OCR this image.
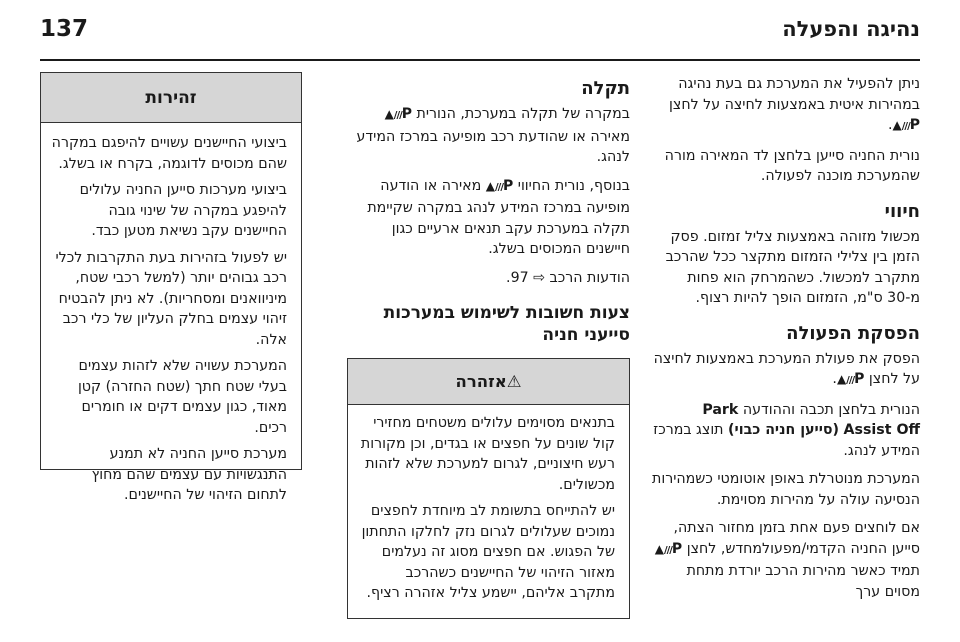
137	נהיגה והפעלה

ניתן להפעיל את המערכת גם בעת נהיגה במהירות איטית באמצעות לחיצה על לחצן ▲///P.

נורית החניה סייען בלחצן לד המאירה מורה שהמערכת מוכנה לפעולה.

חיווי

מכשול מזוהה באמצעות צליל זמזום. פסק הזמן בין צלילי הזמזום מתקצר ככל שהרכב מתקרב למכשול. כשהמרחק הוא פחות מ-30 ס"מ, הזמזום הופך להיות רצוף.

הפסקת הפעולה

הפסק את פעולת המערכת באמצעות לחיצה על לחצן ▲///P.

הנורית בלחצן תכבה וההודעה Park Assist Off (סייען חניה כבוי) תוצג במרכז המידע לנהג.

המערכת מנוטרלת באופן אוטומטי כשמהירות הנסיעה עולה על מהירות מסוימת.

אם לוחצים פעם אחת בזמן מחזור הצתה, סייען החניה הקדמי/מפעולמחדש, לחצן ▲///P תמיד כאשר מהירות הרכב יורדת מתחת מסוים ערך

תקלה

במקרה של תקלה במערכת, הנורית ▲///P מאירה או שהודעת רכב מופיעה במרכז המידע לנהג.

בנוסף, נורית החיווי ▲///P מאירה או הודעה מופיעה במרכז המידע לנהג במקרה שקיימת תקלה במערכת עקב תנאים ארעיים כגון חיישנים המכוסים בשלג.

הודעות הרכב ⇨ 97.

צעות חשובות לשימוש במערכות סייעני חניה
⚠אזהרה

בתנאים מסוימים עלולים משטחים מחזירי קול שונים על חפצים או בגדים, וכן מקורות רעש חיצוניים, לגרום למערכת שלא לזהות מכשולים.

יש להתייחס בתשומת לב מיוחדת לחפצים נמוכים שעלולים לגרום נזק לחלקו התחתון של הפגוש. אם חפצים מסוג זה נעלמים מאזור הזיהוי של החיישנים כשהרכב מתקרב אליהם, יישמע צליל אזהרה רציף.

זהירות

ביצועי החיישנים עשויים להיפגם במקרה שהם מכוסים לדוגמה, בקרח או בשלג.

ביצועי מערכות סייען החניה עלולים להיפגע במקרה של שינוי גובה החיישנים עקב נשיאת מטען כבד.

יש לפעול בזהירות בעת התקרבות לכלי רכב גבוהים יותר (למשל רכבי שטח, מיניוואנים ומסחריות). לא ניתן להבטיח זיהוי עצמים בחלק העליון של כלי רכב אלה.

המערכת עשויה שלא לזהות עצמים בעלי שטח חתך (שטח החזרה) קטן מאוד, כגון עצמים דקים או חומרים רכים.

מערכת סייען החניה לא תמנע התנגשויות עם עצמים שהם מחוץ לתחום הזיהוי של החיישנים.
